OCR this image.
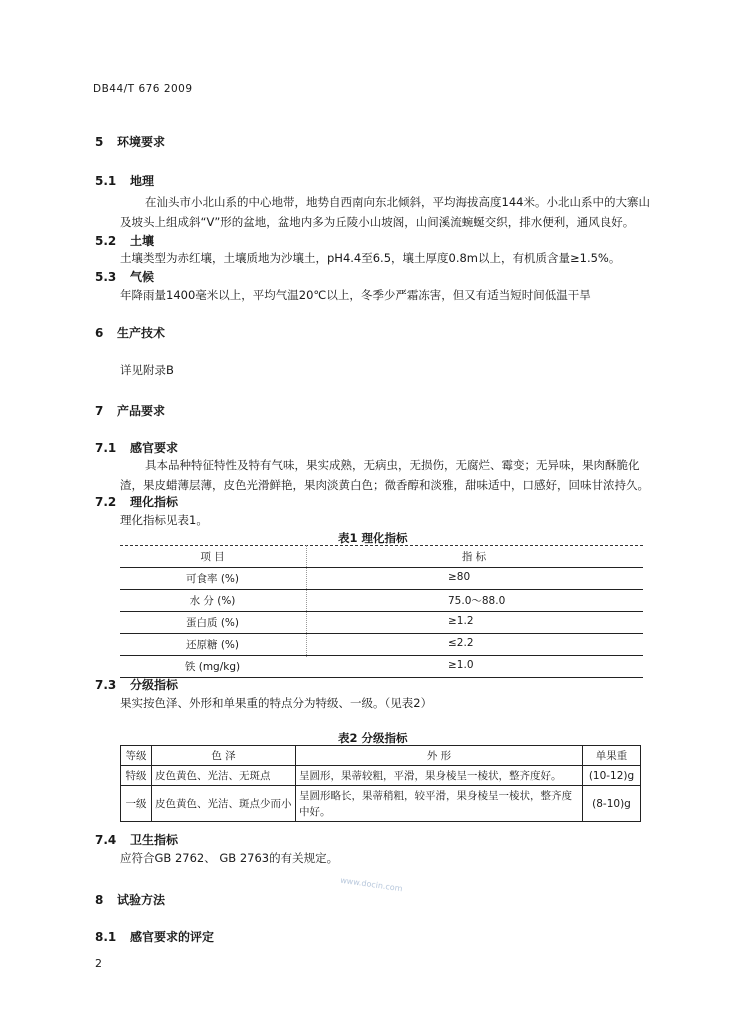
DB44/T 676 2009
5 环境要求
5.1 地理
在汕头市小北山系的中心地带，地势自西南向东北倾斜，平均海拔高度144米。小北山系中的大寨山及坡头上组成斜“V”形的盆地，盆地内多为丘陵小山坡阁，山间溪流蜿蜒交织，排水便利，通风良好。
5.2 土壤
土壤类型为赤红壤，土壤质地为沙壤土，pH4.4至6.5，壤土厚度0.8m以上，有机质含量≥1.5%。
5.3 气候
年降雨量1400毫米以上，平均气温20℃以上，冬季少严霜冻害，但又有适当短时间低温干旱
6 生产技术
详见附录B
7 产品要求
7.1 感官要求
具本品种特征特性及特有气味，果实成熟，无病虫，无损伤，无腐烂、霉变；无异味，果肉酥脆化渣，果皮蜡薄层薄，皮色光滑鲜艳，果肉淡黄白色；微香醇和淡雅，甜味适中，口感好，回味甘浓持久。
7.2 理化指标
理化指标见表1。
表1 理化指标
项 目	指 标
可食率 (%)	≥80
水 分 (%)	75.0～88.0
蛋白质 (%)	≥1.2
还原糖 (%)	≤2.2
铁 (mg/kg)	≥1.0
7.3 分级指标
果实按色泽、外形和单果重的特点分为特级、一级。（见表2）
表2 分级指标
等级	色 泽	外 形	单果重
特级	皮色黄色、光洁、无斑点	呈圆形，果蒂较粗，平滑，果身棱呈一棱状，整齐度好。	(10-12)g
一级	皮色黄色、光洁、斑点少而小	呈圆形略长，果蒂稍粗，较平滑，果身棱呈一棱状，整齐度中好。	(8-10)g
7.4 卫生指标
应符合GB 2762、 GB 2763的有关规定。
www.docin.com
8 试验方法
8.1 感官要求的评定
2
